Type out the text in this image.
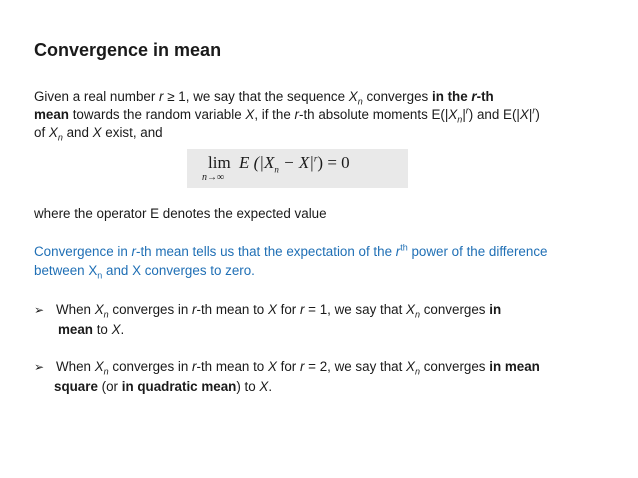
Convergence in mean
Given a real number r ≥ 1, we say that the sequence $X_n$ converges in the r-th
mean towards the random variable X, if the r-th absolute moments $E(|X_n|^r)$ and $E(|X|^r)$
of $X_n$ and X exist, and
lim
n→∞
E $(|X_n - X|^r) = 0$
where the operator E denotes the expected value
Convergence in r-th mean tells us that the expectation of the $r^{th}$ power of the difference
between $X_n$ and X converges to zero.
➢ When $X_n$ converges in r-th mean to X for r = 1, we say that $X_n$ converges in
mean to X.
➢ When $X_n$ converges in r-th mean to X for r = 2, we say that $X_n$ converges in mean
square (or in quadratic mean) to X.
